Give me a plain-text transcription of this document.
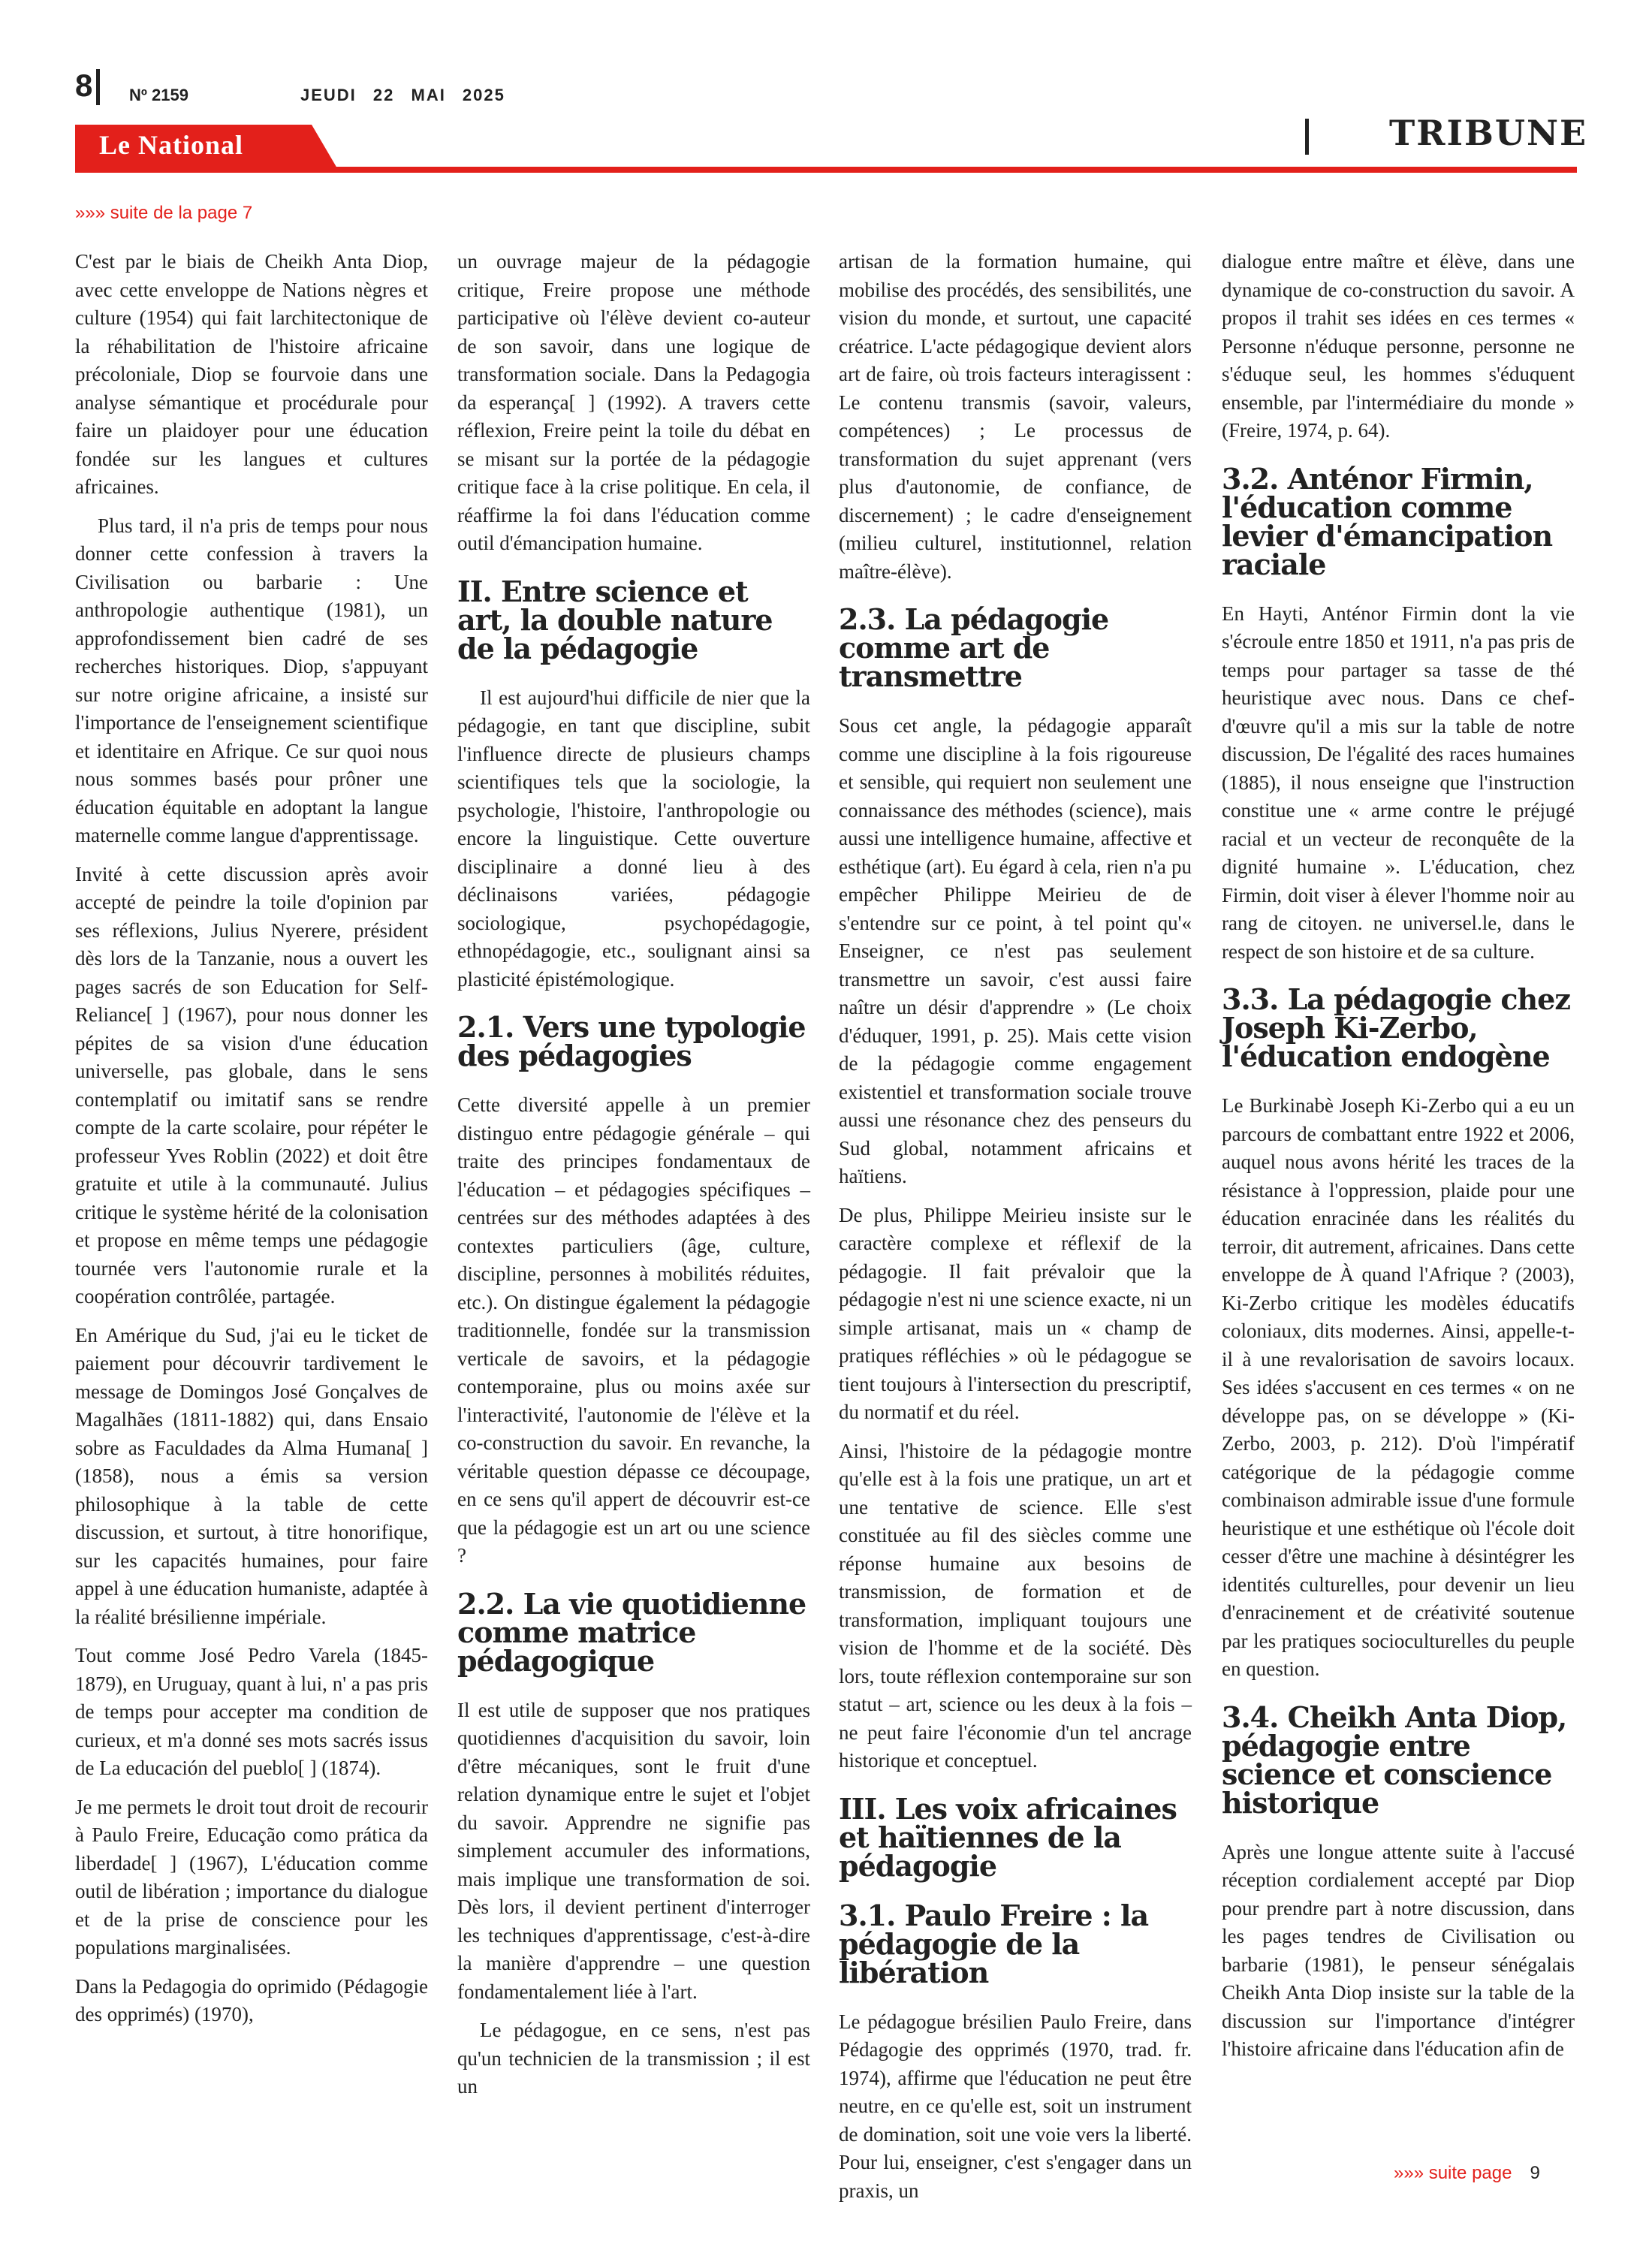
8 Nº 2159	JEUDI 22 MAI 2025
Le National	TRIBUNE
»»» suite de la page 7

C'est par le biais de Cheikh Anta Diop, avec cette enveloppe de Nations nègres et culture (1954) qui fait larchitectonique de la réhabilitation de l'histoire africaine précoloniale, Diop se fourvoie dans une analyse sémantique et procédurale pour faire un plaidoyer pour une éducation fondée sur les langues et cultures africaines.

Plus tard, il n'a pris de temps pour nous donner cette confession à travers la Civilisation ou barbarie : Une anthropologie authentique (1981), un approfondissement bien cadré de ses recherches historiques. Diop, s'appuyant sur notre origine africaine, a insisté sur l'importance de l'enseignement scientifique et identitaire en Afrique. Ce sur quoi nous nous sommes basés pour prôner une éducation équitable en adoptant la langue maternelle comme langue d'apprentissage.

Invité à cette discussion après avoir accepté de peindre la toile d'opinion par ses réflexions, Julius Nyerere, président dès lors de la Tanzanie, nous a ouvert les pages sacrés de son Education for Self-Reliance[ ] (1967), pour nous donner les pépites de sa vision d'une éducation universelle, pas globale, dans le sens contemplatif ou imitatif sans se rendre compte de la carte scolaire, pour répéter le professeur Yves Roblin (2022) et doit être gratuite et utile à la communauté. Julius critique le système hérité de la colonisation et propose en même temps une pédagogie tournée vers l'autonomie rurale et la coopération contrôlée, partagée.

En Amérique du Sud, j'ai eu le ticket de paiement pour découvrir tardivement le message de Domingos José Gonçalves de Magalhães (1811-1882) qui, dans Ensaio sobre as Faculdades da Alma Humana[ ] (1858), nous a émis sa version philosophique à la table de cette discussion, et surtout, à titre honorifique, sur les capacités humaines, pour faire appel à une éducation humaniste, adaptée à la réalité brésilienne impériale.

Tout comme José Pedro Varela (1845-1879), en Uruguay, quant à lui, n' a pas pris de temps pour accepter ma condition de curieux, et m'a donné ses mots sacrés issus de La educación del pueblo[ ] (1874).

Je me permets le droit tout droit de recourir à Paulo Freire, Educação como prática da liberdade[ ] (1967), L'éducation comme outil de libération ; importance du dialogue et de la prise de conscience pour les populations marginalisées.

Dans la Pedagogia do oprimido (Pédagogie des opprimés) (1970),

un ouvrage majeur de la pédagogie critique, Freire propose une méthode participative où l'élève devient co-auteur de son savoir, dans une logique de transformation sociale. Dans la Pedagogia da esperança[ ] (1992). A travers cette réflexion, Freire peint la toile du débat en se misant sur la portée de la pédagogie critique face à la crise politique. En cela, il réaffirme la foi dans l'éducation comme outil d'émancipation humaine.

II. Entre science et art, la double nature de la pédagogie

Il est aujourd'hui difficile de nier que la pédagogie, en tant que discipline, subit l'influence directe de plusieurs champs scientifiques tels que la sociologie, la psychologie, l'histoire, l'anthropologie ou encore la linguistique. Cette ouverture disciplinaire a donné lieu à des déclinaisons variées, pédagogie sociologique, psychopédagogie, ethnopédagogie, etc., soulignant ainsi sa plasticité épistémologique.

2.1. Vers une typologie des pédagogies

Cette diversité appelle à un premier distinguo entre pédagogie générale – qui traite des principes fondamentaux de l'éducation – et pédagogies spécifiques – centrées sur des méthodes adaptées à des contextes particuliers (âge, culture, discipline, personnes à mobilités réduites, etc.). On distingue également la pédagogie traditionnelle, fondée sur la transmission verticale de savoirs, et la pédagogie contemporaine, plus ou moins axée sur l'interactivité, l'autonomie de l'élève et la co-construction du savoir. En revanche, la véritable question dépasse ce découpage, en ce sens qu'il appert de découvrir est-ce que la pédagogie est un art ou une science ?

2.2. La vie quotidienne comme matrice pédagogique

Il est utile de supposer que nos pratiques quotidiennes d'acquisition du savoir, loin d'être mécaniques, sont le fruit d'une relation dynamique entre le sujet et l'objet du savoir. Apprendre ne signifie pas simplement accumuler des informations, mais implique une transformation de soi. Dès lors, il devient pertinent d'interroger les techniques d'apprentissage, c'est-à-dire la manière d'apprendre – une question fondamentalement liée à l'art.

Le pédagogue, en ce sens, n'est pas qu'un technicien de la transmission ; il est un

artisan de la formation humaine, qui mobilise des procédés, des sensibilités, une vision du monde, et surtout, une capacité créatrice. L'acte pédagogique devient alors art de faire, où trois facteurs interagissent : Le contenu transmis (savoir, valeurs, compétences) ; Le processus de transformation du sujet apprenant (vers plus d'autonomie, de confiance, de discernement) ; le cadre d'enseignement (milieu culturel, institutionnel, relation maître-élève).

2.3. La pédagogie comme art de transmettre

Sous cet angle, la pédagogie apparaît comme une discipline à la fois rigoureuse et sensible, qui requiert non seulement une connaissance des méthodes (science), mais aussi une intelligence humaine, affective et esthétique (art). Eu égard à cela, rien n'a pu empêcher Philippe Meirieu de de s'entendre sur ce point, à tel point qu'« Enseigner, ce n'est pas seulement transmettre un savoir, c'est aussi faire naître un désir d'apprendre » (Le choix d'éduquer, 1991, p. 25). Mais cette vision de la pédagogie comme engagement existentiel et transformation sociale trouve aussi une résonance chez des penseurs du Sud global, notamment africains et haïtiens.

De plus, Philippe Meirieu insiste sur le caractère complexe et réflexif de la pédagogie. Il fait prévaloir que la pédagogie n'est ni une science exacte, ni un simple artisanat, mais un « champ de pratiques réfléchies » où le pédagogue se tient toujours à l'intersection du prescriptif, du normatif et du réel.

Ainsi, l'histoire de la pédagogie montre qu'elle est à la fois une pratique, un art et une tentative de science. Elle s'est constituée au fil des siècles comme une réponse humaine aux besoins de transmission, de formation et de transformation, impliquant toujours une vision de l'homme et de la société. Dès lors, toute réflexion contemporaine sur son statut – art, science ou les deux à la fois – ne peut faire l'économie d'un tel ancrage historique et conceptuel.

III. Les voix africaines et haïtiennes de la pédagogie
3.1. Paulo Freire : la pédagogie de la libération

Le pédagogue brésilien Paulo Freire, dans Pédagogie des opprimés (1970, trad. fr. 1974), affirme que l'éducation ne peut être neutre, en ce qu'elle est, soit un instrument de domination, soit une voie vers la liberté. Pour lui, enseigner, c'est s'engager dans un praxis, un

dialogue entre maître et élève, dans une dynamique de co-construction du savoir. A propos il trahit ses idées en ces termes « Personne n'éduque personne, personne ne s'éduque seul, les hommes s'éduquent ensemble, par l'intermédiaire du monde » (Freire, 1974, p. 64).

3.2. Anténor Firmin, l'éducation comme levier d'émancipation raciale

En Hayti, Anténor Firmin dont la vie s'écroule entre 1850 et 1911, n'a pas pris de temps pour partager sa tasse de thé heuristique avec nous. Dans ce chef-d'œuvre qu'il a mis sur la table de notre discussion, De l'égalité des races humaines (1885), il nous enseigne que l'instruction constitue une « arme contre le préjugé racial et un vecteur de reconquête de la dignité humaine ». L'éducation, chez Firmin, doit viser à élever l'homme noir au rang de citoyen. ne universel.le, dans le respect de son histoire et de sa culture.

3.3. La pédagogie chez Joseph Ki-Zerbo, l'éducation endogène

Le Burkinabè Joseph Ki-Zerbo qui a eu un parcours de combattant entre 1922 et 2006, auquel nous avons hérité les traces de la résistance à l'oppression, plaide pour une éducation enracinée dans les réalités du terroir, dit autrement, africaines. Dans cette enveloppe de À quand l'Afrique ? (2003), Ki-Zerbo critique les modèles éducatifs coloniaux, dits modernes. Ainsi, appelle-t-il à une revalorisation de savoirs locaux. Ses idées s'accusent en ces termes « on ne développe pas, on se développe » (Ki-Zerbo, 2003, p. 212). D'où l'impératif catégorique de la pédagogie comme combinaison admirable issue d'une formule heuristique et une esthétique où l'école doit cesser d'être une machine à désintégrer les identités culturelles, pour devenir un lieu d'enracinement et de créativité soutenue par les pratiques socioculturelles du peuple en question.

3.4. Cheikh Anta Diop, pédagogie entre science et conscience historique

Après une longue attente suite à l'accusé réception cordialement accepté par Diop pour prendre part à notre discussion, dans les pages tendres de Civilisation ou barbarie (1981), le penseur sénégalais Cheikh Anta Diop insiste sur la table de la discussion sur l'importance d'intégrer l'histoire africaine dans l'éducation afin de

»»» suite page 9
